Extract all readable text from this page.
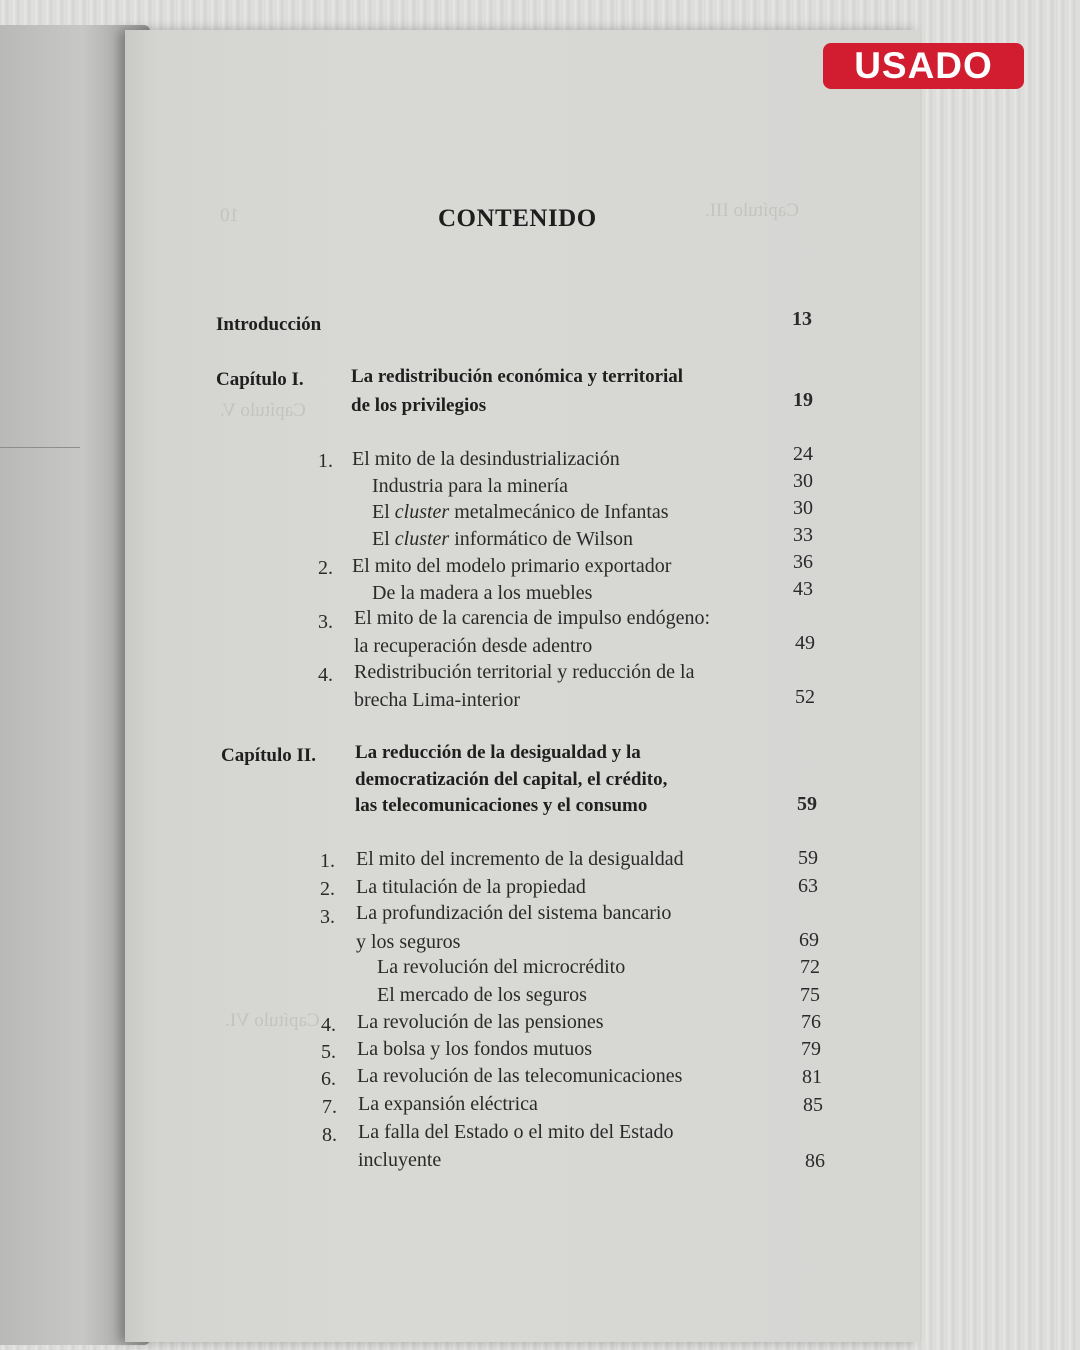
Capítulo III.
10
Capítulo V.
Capítulo VI.
USADO
CONTENIDO
Introducción	13
Capítulo I. La redistribución económica y territorial
de los privilegios	19
1. El mito de la desindustrialización	24
Industria para la minería	30
El cluster metalmecánico de Infantas	30
El cluster informático de Wilson	33
2. El mito del modelo primario exportador	36
De la madera a los muebles	43
3. El mito de la carencia de impulso endógeno:
la recuperación desde adentro	49
4. Redistribución territorial y reducción de la
brecha Lima-interior	52
Capítulo II. La reducción de la desigualdad y la
democratización del capital, el crédito,
las telecomunicaciones y el consumo	59
1. El mito del incremento de la desigualdad	59
2. La titulación de la propiedad	63
3. La profundización del sistema bancario
y los seguros	69
La revolución del microcrédito	72
El mercado de los seguros	75
4. La revolución de las pensiones	76
5. La bolsa y los fondos mutuos	79
6. La revolución de las telecomunicaciones	81
7. La expansión eléctrica	85
8. La falla del Estado o el mito del Estado
incluyente	86
